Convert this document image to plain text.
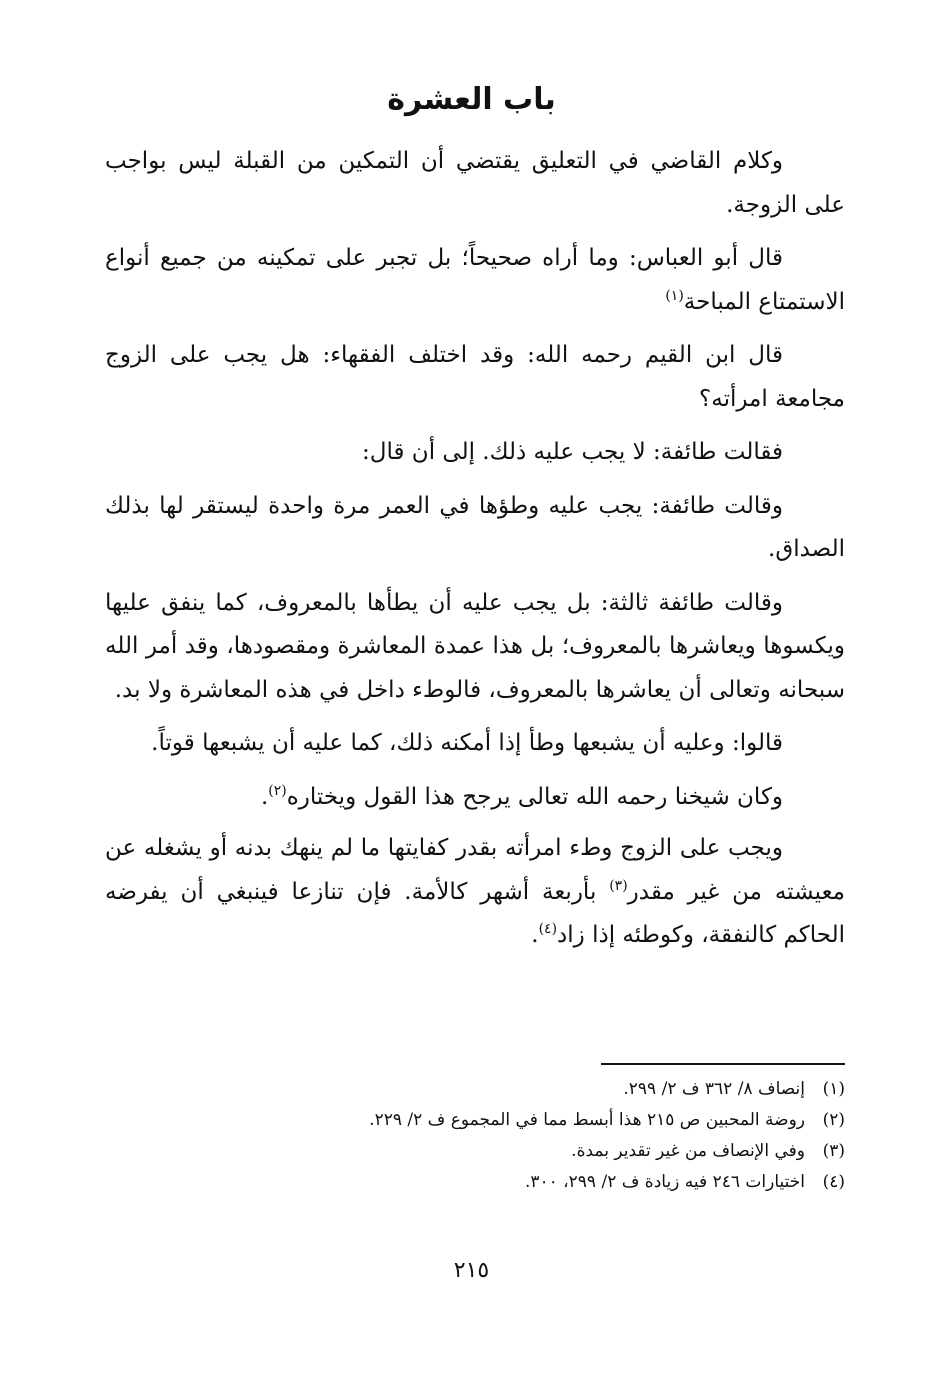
باب العشرة

وكلام القاضي في التعليق يقتضي أن التمكين من القبلة ليس بواجب على الزوجة.

قال أبو العباس: وما أراه صحيحاً؛ بل تجبر على تمكينه من جميع أنواع الاستمتاع المباحة$^{(١)}$

قال ابن القيم رحمه الله: وقد اختلف الفقهاء: هل يجب على الزوج مجامعة امرأته؟

فقالت طائفة: لا يجب عليه ذلك. إلى أن قال:

وقالت طائفة: يجب عليه وطؤها في العمر مرة واحدة ليستقر لها بذلك الصداق.

وقالت طائفة ثالثة: بل يجب عليه أن يطأها بالمعروف، كما ينفق عليها ويكسوها ويعاشرها بالمعروف؛ بل هذا عمدة المعاشرة ومقصودها، وقد أمر الله سبحانه وتعالى أن يعاشرها بالمعروف، فالوطء داخل في هذه المعاشرة ولا بد.

قالوا: وعليه أن يشبعها وطأ إذا أمكنه ذلك، كما عليه أن يشبعها قوتاً.

وكان شيخنا رحمه الله تعالى يرجح هذا القول ويختاره$^{(٢)}$.

ويجب على الزوج وطء امرأته بقدر كفايتها ما لم ينهك بدنه أو يشغله عن معيشته من غير مقدر$^{(٣)}$ بأربعة أشهر كالأمة. فإن تنازعا فينبغي أن يفرضه الحاكم كالنفقة، وكوطئه إذا زاد$^{(٤)}$.

(١)
إنصاف ٨/ ٣٦٢ ف ٢/ ٢٩٩.
(٢)
روضة المحبين ص ٢١٥ هذا أبسط مما في المجموع ف ٢/ ٢٢٩.
(٣)
وفي الإنصاف من غير تقدير بمدة.
(٤)
اختيارات ٢٤٦ فيه زيادة ف ٢/ ٢٩٩، ٣٠٠.
٢١٥
